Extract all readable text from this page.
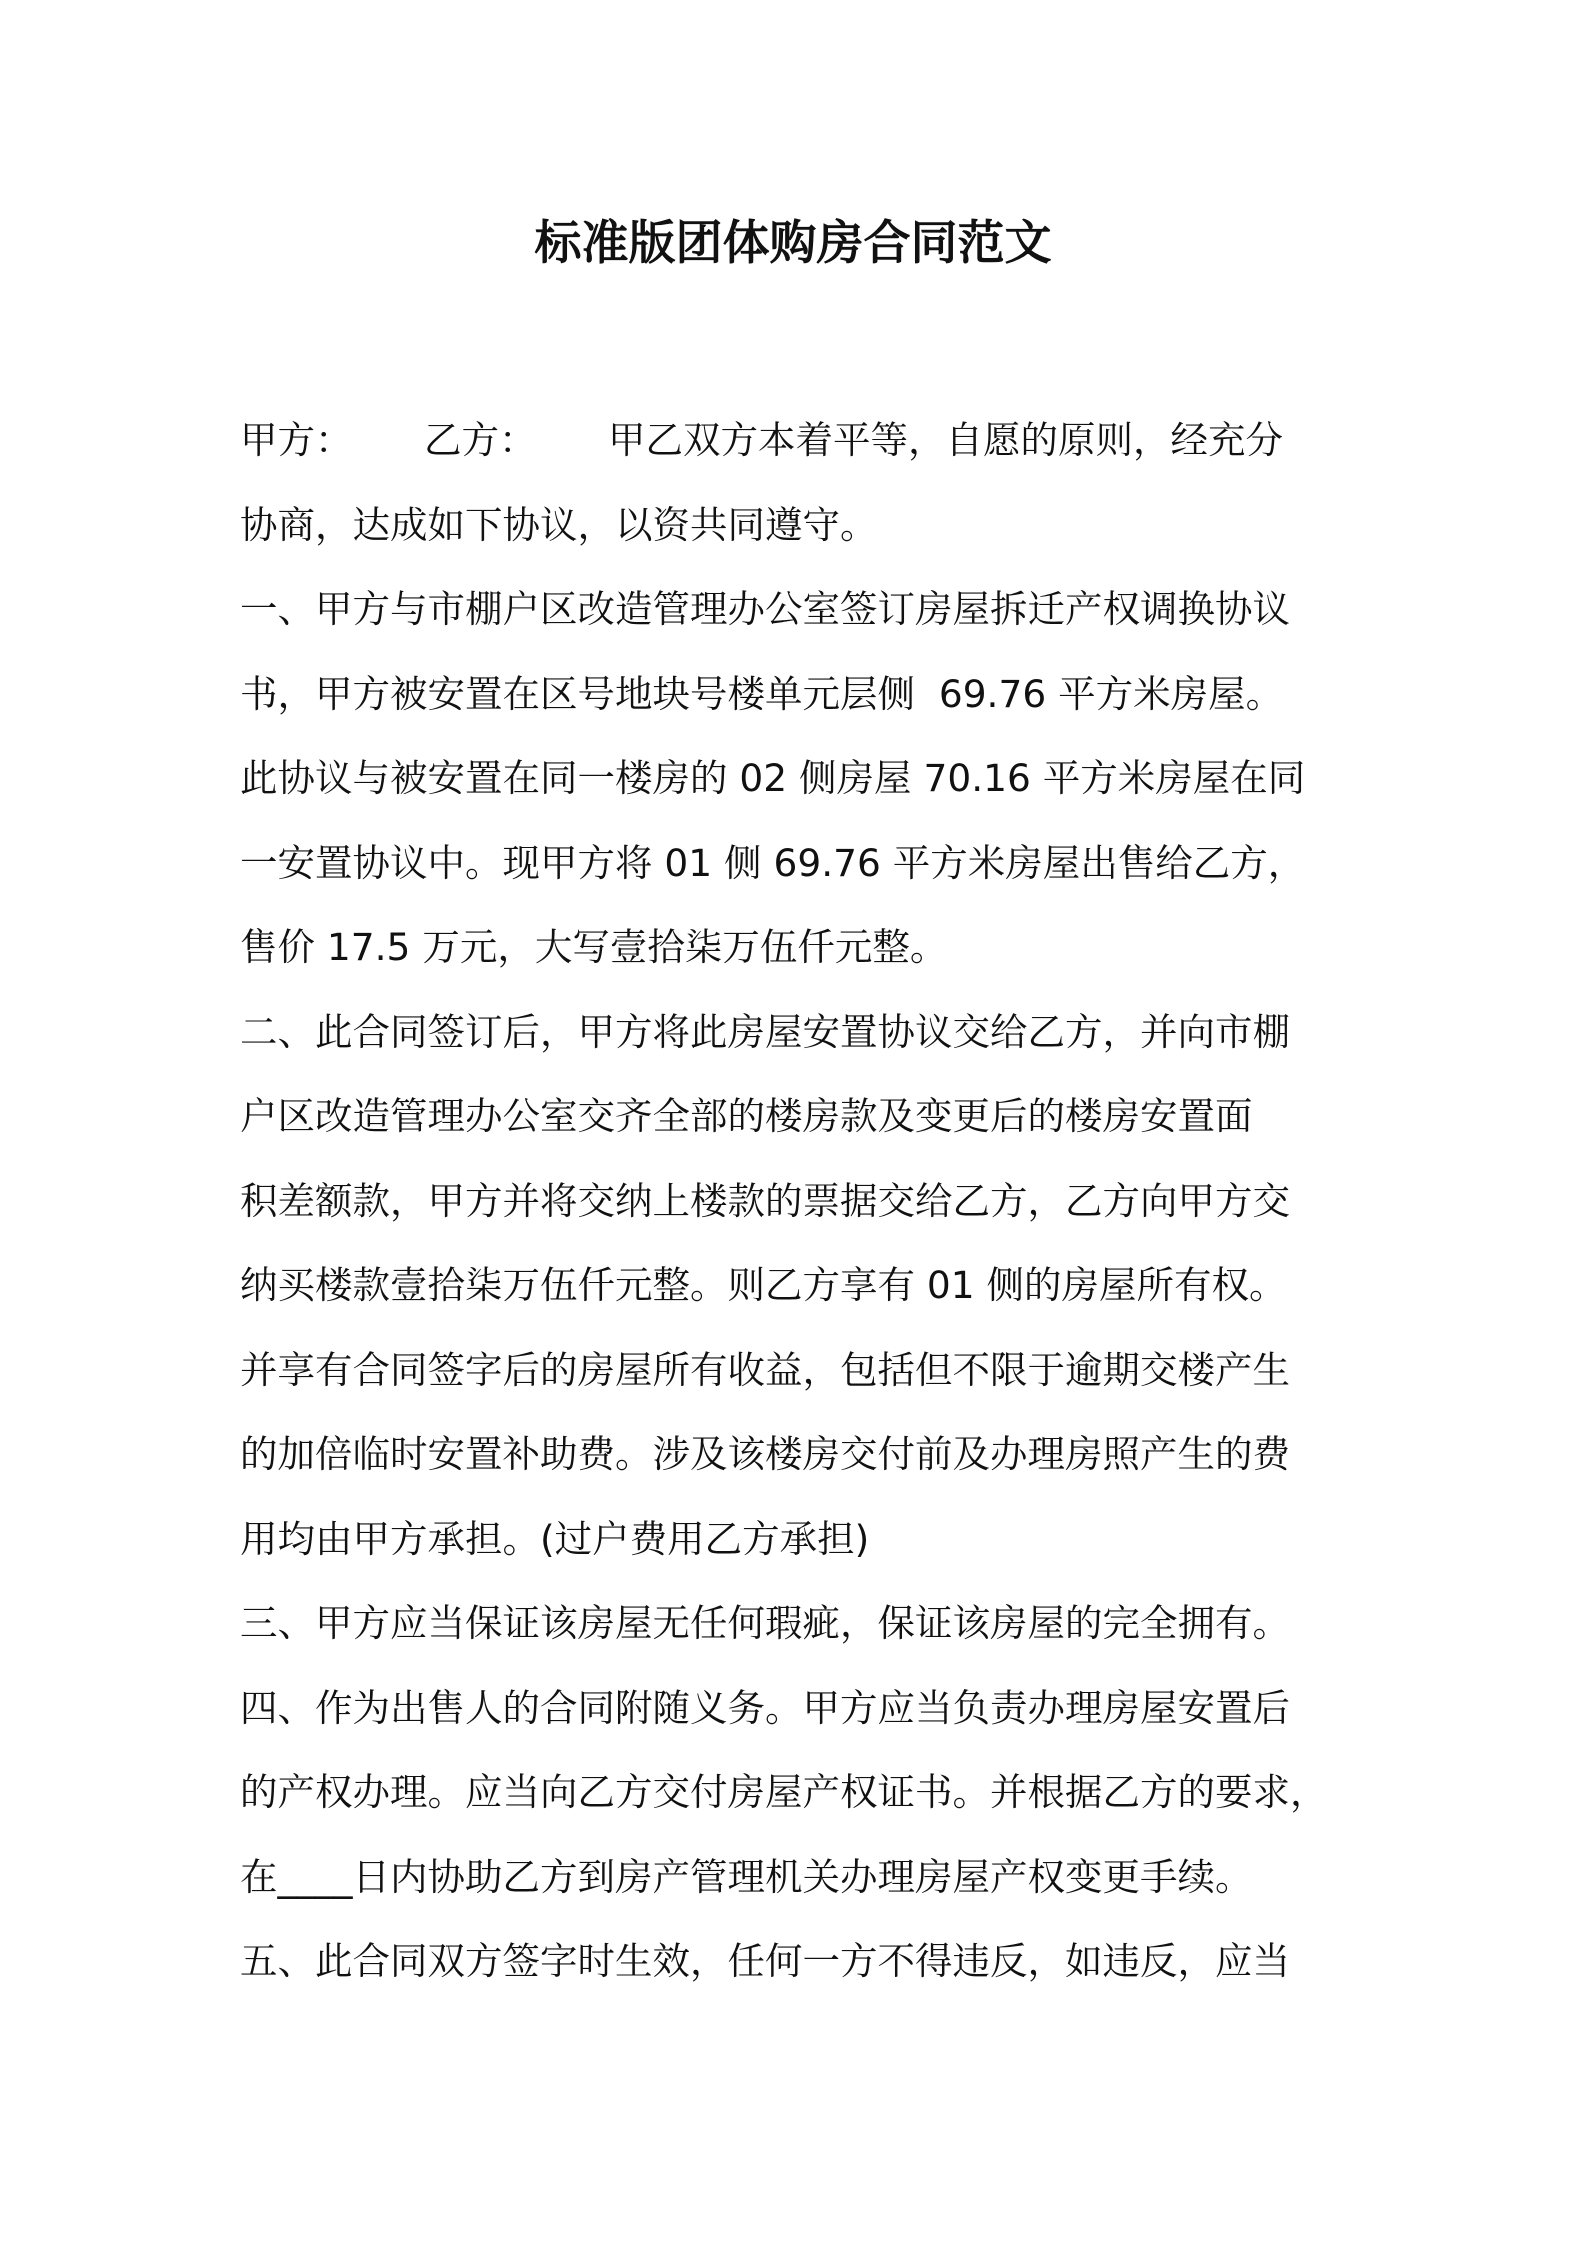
标准版团体购房合同范文
甲方：      乙方：      甲乙双方本着平等，自愿的原则，经充分
协商，达成如下协议，以资共同遵守。
一、甲方与市棚户区改造管理办公室签订房屋拆迁产权调换协议
书，甲方被安置在区号地块号楼单元层侧  69.76 平方米房屋。
此协议与被安置在同一楼房的 02 侧房屋 70.16 平方米房屋在同
一安置协议中。现甲方将 01 侧 69.76 平方米房屋出售给乙方，
售价 17.5 万元，大写壹拾柒万伍仟元整。
二、此合同签订后，甲方将此房屋安置协议交给乙方，并向市棚
户区改造管理办公室交齐全部的楼房款及变更后的楼房安置面
积差额款，甲方并将交纳上楼款的票据交给乙方，乙方向甲方交
纳买楼款壹拾柒万伍仟元整。则乙方享有 01 侧的房屋所有权。
并享有合同签字后的房屋所有收益，包括但不限于逾期交楼产生
的加倍临时安置补助费。涉及该楼房交付前及办理房照产生的费
用均由甲方承担。(过户费用乙方承担)
三、甲方应当保证该房屋无任何瑕疵，保证该房屋的完全拥有。
四、作为出售人的合同附随义务。甲方应当负责办理房屋安置后
的产权办理。应当向乙方交付房屋产权证书。并根据乙方的要求，
在____日内协助乙方到房产管理机关办理房屋产权变更手续。
五、此合同双方签字时生效，任何一方不得违反，如违反，应当
